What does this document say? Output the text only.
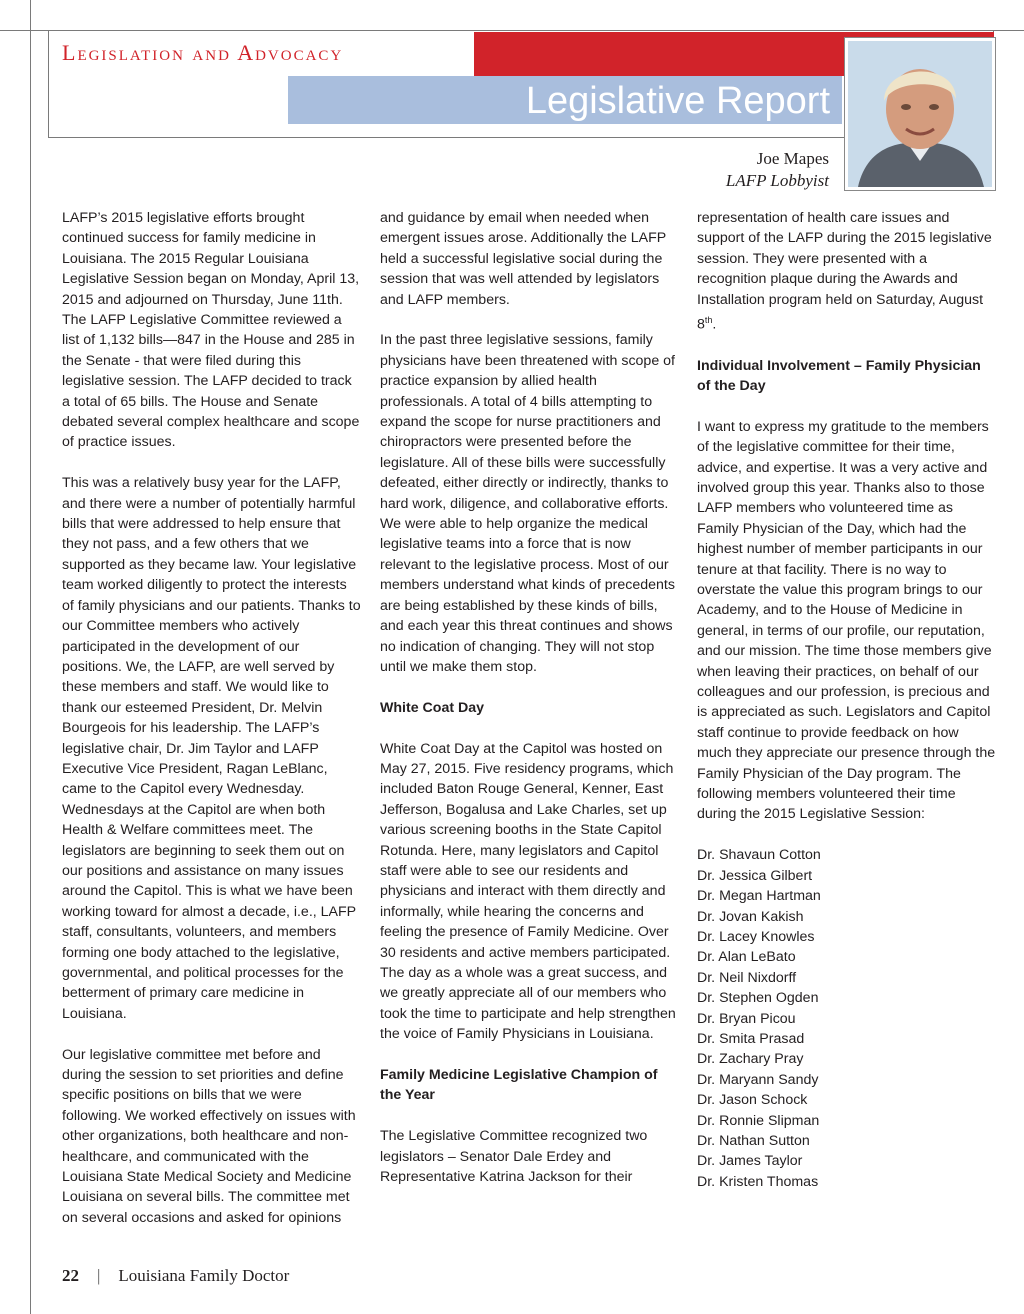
Legislation and Advocacy
Legislative Report
Joe Mapes
LAFP Lobbyist

LAFP’s 2015 legislative efforts brought continued success for family medicine in Louisiana. The 2015 Regular Louisiana Legislative Session began on Monday, April 13, 2015 and adjourned on Thursday, June 11th. The LAFP Legislative Committee reviewed a list of 1,132 bills—847 in the House and 285 in the Senate - that were filed during this legislative session. The LAFP decided to track a total of 65 bills. The House and Senate debated several complex healthcare and scope of practice issues.

This was a relatively busy year for the LAFP, and there were a number of potentially harmful bills that were addressed to help ensure that they not pass, and a few others that we supported as they became law. Your legislative team worked diligently to protect the interests of family physicians and our patients. Thanks to our Committee members who actively participated in the development of our positions. We, the LAFP, are well served by these members and staff. We would like to thank our esteemed President, Dr. Melvin Bourgeois for his leadership. The LAFP’s legislative chair, Dr. Jim Taylor and LAFP Executive Vice President, Ragan LeBlanc, came to the Capitol every Wednesday. Wednesdays at the Capitol are when both Health & Welfare committees meet. The legislators are beginning to seek them out on our positions and assistance on many issues around the Capitol. This is what we have been working toward for almost a decade, i.e., LAFP staff, consultants, volunteers, and members forming one body attached to the legislative, governmental, and political processes for the betterment of primary care medicine in Louisiana.

Our legislative committee met before and during the session to set priorities and define specific positions on bills that we were following. We worked effectively on issues with other organizations, both healthcare and non-healthcare, and communicated with the Louisiana State Medical Society and Medicine Louisiana on several bills. The committee met on several occasions and asked for opinions

and guidance by email when needed when emergent issues arose. Additionally the LAFP held a successful legislative social during the session that was well attended by legislators and LAFP members.

In the past three legislative sessions, family physicians have been threatened with scope of practice expansion by allied health professionals. A total of 4 bills attempting to expand the scope for nurse practitioners and chiropractors were presented before the legislature. All of these bills were successfully defeated, either directly or indirectly, thanks to hard work, diligence, and collaborative efforts. We were able to help organize the medical legislative teams into a force that is now relevant to the legislative process. Most of our members understand what kinds of precedents are being established by these kinds of bills, and each year this threat continues and shows no indication of changing. They will not stop until we make them stop.

White Coat Day

White Coat Day at the Capitol was hosted on May 27, 2015. Five residency programs, which included Baton Rouge General, Kenner, East Jefferson, Bogalusa and Lake Charles, set up various screening booths in the State Capitol Rotunda. Here, many legislators and Capitol staff were able to see our residents and physicians and interact with them directly and informally, while hearing the concerns and feeling the presence of Family Medicine. Over 30 residents and active members participated. The day as a whole was a great success, and we greatly appreciate all of our members who took the time to participate and help strengthen the voice of Family Physicians in Louisiana.

Family Medicine Legislative Champion of the Year

The Legislative Committee recognized two legislators – Senator Dale Erdey and Representative Katrina Jackson for their

representation of health care issues and support of the LAFP during the 2015 legislative session. They were presented with a recognition plaque during the Awards and Installation program held on Saturday, August 8th.

Individual Involvement – Family Physician of the Day

I want to express my gratitude to the members of the legislative committee for their time, advice, and expertise. It was a very active and involved group this year. Thanks also to those LAFP members who volunteered time as Family Physician of the Day, which had the highest number of member participants in our tenure at that facility. There is no way to overstate the value this program brings to our Academy, and to the House of Medicine in general, in terms of our profile, our reputation, and our mission. The time those members give when leaving their practices, on behalf of our colleagues and our profession, is precious and is appreciated as such. Legislators and Capitol staff continue to provide feedback on how much they appreciate our presence through the Family Physician of the Day program. The following members volunteered their time during the 2015 Legislative Session:

Dr. Shavaun Cotton
Dr. Jessica Gilbert
Dr. Megan Hartman
Dr. Jovan Kakish
Dr. Lacey Knowles
Dr. Alan LeBato
Dr. Neil Nixdorff
Dr. Stephen Ogden
Dr. Bryan Picou
Dr. Smita Prasad
Dr. Zachary Pray
Dr. Maryann Sandy
Dr. Jason Schock
Dr. Ronnie Slipman
Dr. Nathan Sutton
Dr. James Taylor
Dr. Kristen Thomas
22 | Louisiana Family Doctor
